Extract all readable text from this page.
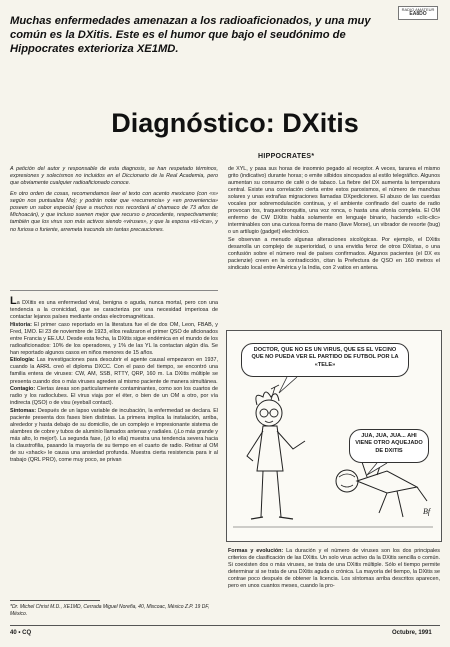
RADIO AMATEUR
EA8DO
Muchas enfermedades amenazan a los radioaficionados, y una muy común es la DXitis. Este es el humor que bajo el seudónimo de Hippocrates exterioriza XE1MD.
Diagnóstico: DXitis
HIPPOCRATES*

A petición del autor y responsable de esta diagnosis, se han respetado términos, expresiones y solecismos no incluidos en el Diccionario de la Real Academia, pero que obviamente cualquier radioaficionado conoce.

En otro orden de cosas, recomendamos leer el texto con acento mexicano (con «s» según nos puntualiza Mo); y podrán notar que «recurrencia» y «en proveniencia» poseen un sabor especial (que a muchos nos recordará al chamaco de 73 años de Michoacán), y que incluso suenen mejor que recurso o procedente, respectivamente; también que los virus son más activos siendo «viruses», y que la esposa «tú-rica», y no furiosa o furiente, arremeta iracunda sin tantas precauciones.

La DXitis es una enfermedad viral, benigna o aguda, nunca mortal, pero con una tendencia a la cronicidad, que se caracteriza por una necesidad imperiosa de contactar lejanos países mediante ondas electromagnéticas.

Historia: El primer caso reportado en la literatura fue el de dos OM, Leon, FBAB, y Fred, 1MO. El 23 de noviembre de 1923, ellos realizaron el primer QSO de aficionados entre Francia y EE.UU. Desde esta fecha, la DXitis sigue endémica en el mundo de los radioaficionados: 10% de los operadores, y 1% de las YL la contactan algún día. Se han reportado algunos casos en niños menores de 15 años.

Etiología: Las investigaciones para descubrir el agente causal empezaron en 1937, cuando la ARRL creó el diploma DXCC. Con el paso del tiempo, se encontró una familia entera de viruses: CW, AM, SSB, RTTY, QRP, 160 m. La DXitis múltiple se presenta cuando dos o más viruses agreden al mismo paciente de manera simultánea.

Contagio: Ciertas áreas son particularmente contaminantes, como son los cuartos de radio y los radioclubes. El virus viaja por el éter, o bien de un OM a otro, por vía indirecta (QSO) o de visu (eyeball contact).

Síntomas: Después de un lapso variable de incubación, la enfermedad se declara. El paciente presenta dos fases bien distintas. La primera implica la instalación, arriba, alrededor y hasta debajo de su domicilio, de un complejo e impresionante sistema de alambres de cobre y tubos de aluminio llamados antenas y radiales. (¡Lo más grande y más alto, lo mejor!). La segunda fase, (¡ó lo ella) muestra una tendencia severa hacia la claustrofilia, pasando la mayoría de su tiempo en el cuarto de radio. Retirar al OM de su «shack» le causa una ansiedad profunda. Muestra cierta resistencia para ir al trabajo (QRL PRO), come muy poco, se privan

*Dr. Michel Christ M.D., XE1MD, Cerrada Miguel Noreña, 40, Mixcoac, México Z.P. 19 DF, México.

de XYL, y pasa sus horas de insomnio pegado al receptor. A veces, tararea el mismo grito (indicativo) durante horas; o emite silbidos sincopados al estilo telegráfico. Algunos aumentan su consumo de café o de tabaco. La fiebre del DX aumenta la temperatura central. Existe una correlación cierta entre estos paroxismos, el número de manchas solares y unas extrañas migraciones llamadas DXpediciones. El abuso de las cuerdas vocales por sobremodulación continua, y el ambiente confinado del cuarto de radio provocan tos, traqueobronquitis, una voz ronca, o hasta una afonía completa. El OM enfermo de CW DXitis habla solamente en lenguaje binario, haciendo «clic-clic» interminables con una curiosa forma de mano (llave Morse), un vibrador de resorte (bug) o un artilugio (gadget) electrónico.

Se observan a menudo algunas alteraciones sicológicas. Por ejemplo, el DXitis desarrolla un complejo de superioridad, o una envidia feroz de otros DXistas, o una confusión sobre el número real de países confirmados. Algunos pacientes (el DX es pacienzie) creen en la contradicción, citan la Prefectura de QSO en 160 metros el sindicato local entre América y la India, con 2 vatios en antena.

DOCTOR, QUE NO ES UN VIRUS, QUE ES EL VECINO QUE NO PUEDA VER EL PARTIDO DE FUTBOL POR LA «TELE»
JUA, JUA, JUA... AHI VIENE OTRO AQUEJADO DE DXITIS
Bf

Formas y evolución: La duración y el número de viruses son los dos principales criterios de clasificación de las DXitis. Un solo virus activo da la DXitis sencilla o común. Si coexisten dos o más viruses, se trata de una DXitis múltiple. Sólo el tiempo permite determinar si se trata de una DXitis aguda o crónica. La mayoría del tiempo, la DXitis se contrae poco después de obtener la licencia. Los síntomas arriba descritos aparecen, pero en unos cuantos meses, cuando la pro-

40 • CQ	Octubre, 1991
